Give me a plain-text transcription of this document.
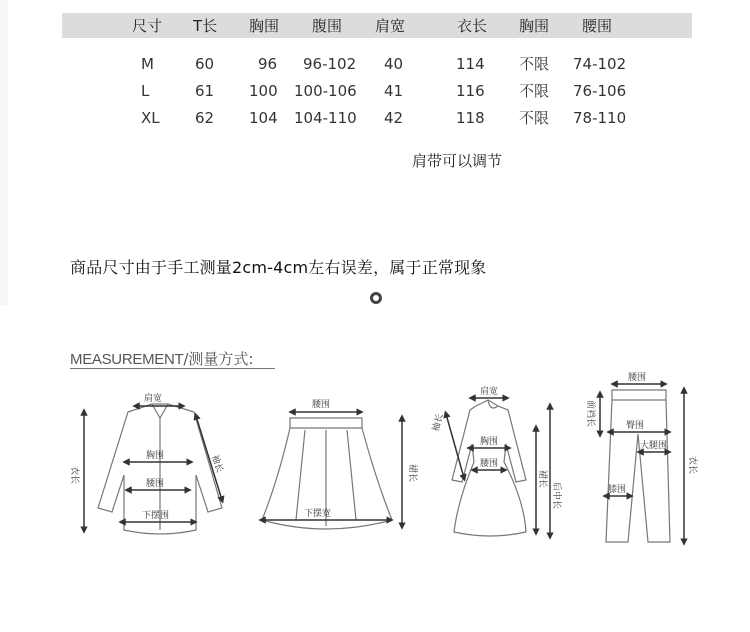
尺寸 T长 胸围 腹围 肩宽	衣长 胸围 腰围
M	60	96 96-102 40	114 不限 74-102
L	61 100 100-106 41	116 不限 76-106
XL 62 104 104-110 42	118 不限 78-110
肩带可以调节
商品尺寸由于手工测量2cm-4cm左右误差，属于正常现象
MEASUREMENT/测量方式:
肩宽
胸围
腰围
下摆围
袖长
衣长
腰围
下摆宽
裙长
肩宽
胸围
腰围
袖长
裙长
后中长
腰围
前裆长	臀围
大腿围
膝围
衣长
